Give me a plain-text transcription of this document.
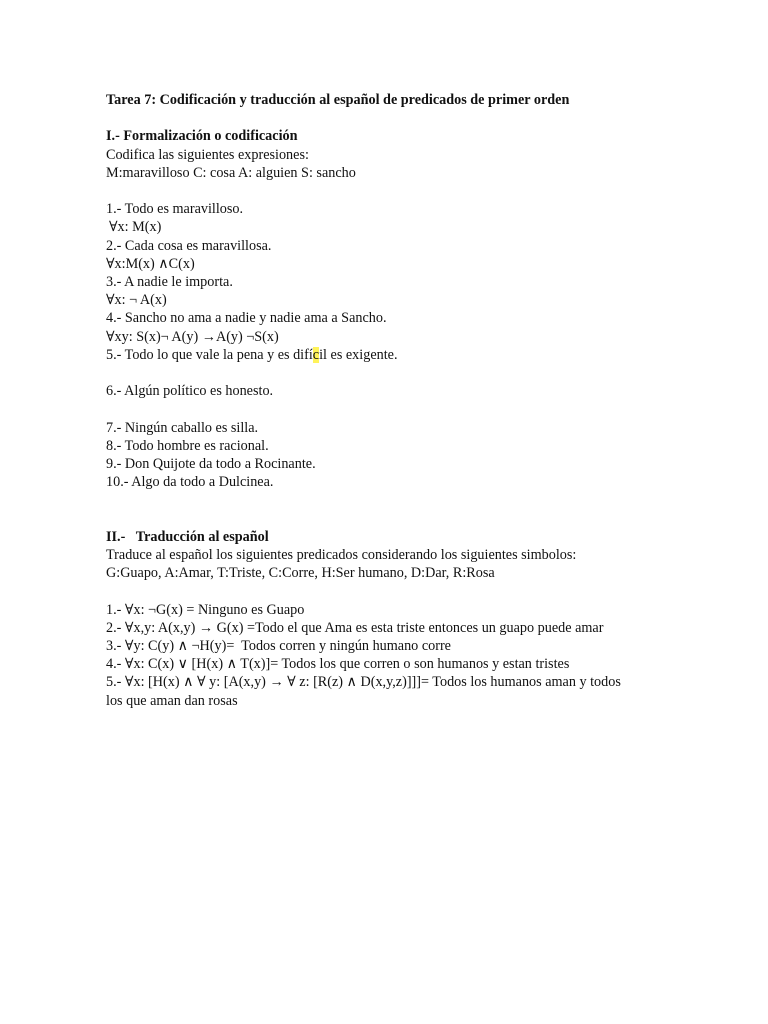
Tarea 7: Codificación y traducción al español de predicados de primer orden
I.- Formalización o codificación
Codifica las siguientes expresiones:
M:maravilloso C: cosa A: alguien S: sancho
1.- Todo es maravilloso.
∀x: M(x)
2.- Cada cosa es maravillosa.
∀x:M(x) ∧C(x)
3.- A nadie le importa.
∀x: ¬ A(x)
4.- Sancho no ama a nadie y nadie ama a Sancho.
∀xy: S(x)¬ A(y) →A(y) ¬S(x)
5.- Todo lo que vale la pena y es difícil es exigente.
6.- Algún político es honesto.
7.- Ningún caballo es silla.
8.- Todo hombre es racional.
9.- Don Quijote da todo a Rocinante.
10.- Algo da todo a Dulcinea.
II.-   Traducción al español
Traduce al español los siguientes predicados considerando los siguientes simbolos:
G:Guapo, A:Amar, T:Triste, C:Corre, H:Ser humano, D:Dar, R:Rosa
1.- ∀x: ¬G(x) = Ninguno es Guapo
2.- ∀x,y: A(x,y) → G(x) =Todo el que Ama es esta triste entonces un guapo puede amar
3.- ∀y: C(y) ∧ ¬H(y)=  Todos corren y ningún humano corre
4.- ∀x: C(x) ∨ [H(x) ∧ T(x)]= Todos los que corren o son humanos y estan tristes
5.- ∀x: [H(x) ∧ ∀ y: [A(x,y) → ∀ z: [R(z) ∧ D(x,y,z)]]]= Todos los humanos aman y todos
los que aman dan rosas
